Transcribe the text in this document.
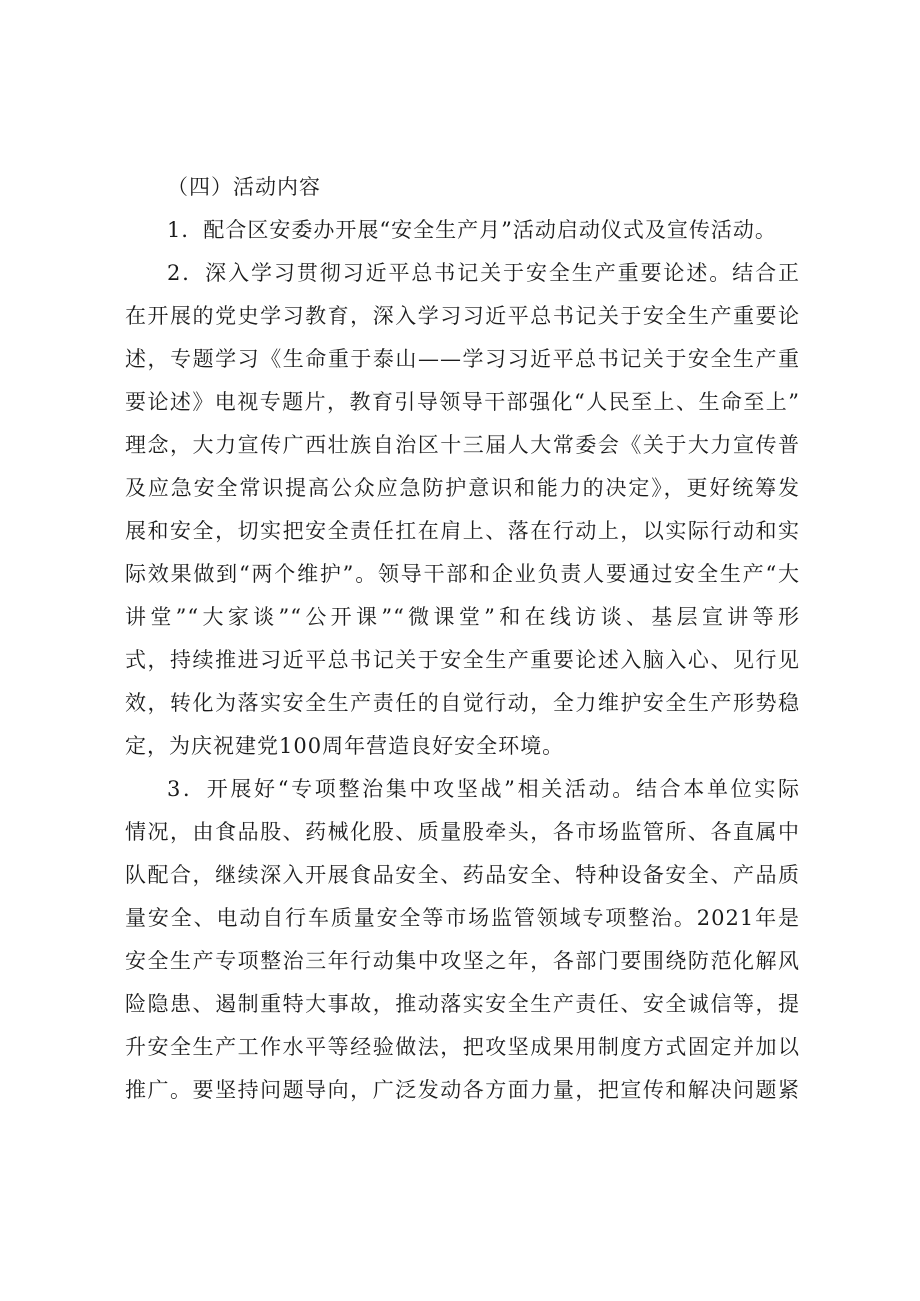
（四）活动内容

1．配合区安委办开展“安全生产月”活动启动仪式及宣传活动。

2．深入学习贯彻习近平总书记关于安全生产重要论述。结合正
在开展的党史学习教育，深入学习习近平总书记关于安全生产重要论
述，专题学习《生命重于泰山——学习习近平总书记关于安全生产重
要论述》电视专题片，教育引导领导干部强化“人民至上、生命至上”
理念，大力宣传广西壮族自治区十三届人大常委会《关于大力宣传普
及应急安全常识提高公众应急防护意识和能力的决定》，更好统筹发
展和安全，切实把安全责任扛在肩上、落在行动上，以实际行动和实
际效果做到“两个维护”。领导干部和企业负责人要通过安全生产“大
讲堂”“大家谈”“公开课”“微课堂”和在线访谈、基层宣讲等形
式，持续推进习近平总书记关于安全生产重要论述入脑入心、见行见
效，转化为落实安全生产责任的自觉行动，全力维护安全生产形势稳
定，为庆祝建党100周年营造良好安全环境。

3．开展好“专项整治集中攻坚战”相关活动。结合本单位实际
情况，由食品股、药械化股、质量股牵头，各市场监管所、各直属中
队配合，继续深入开展食品安全、药品安全、特种设备安全、产品质
量安全、电动自行车质量安全等市场监管领域专项整治。2021年是
安全生产专项整治三年行动集中攻坚之年，各部门要围绕防范化解风
险隐患、遏制重特大事故，推动落实安全生产责任、安全诚信等，提
升安全生产工作水平等经验做法，把攻坚成果用制度方式固定并加以
推广。要坚持问题导向，广泛发动各方面力量，把宣传和解决问题紧
